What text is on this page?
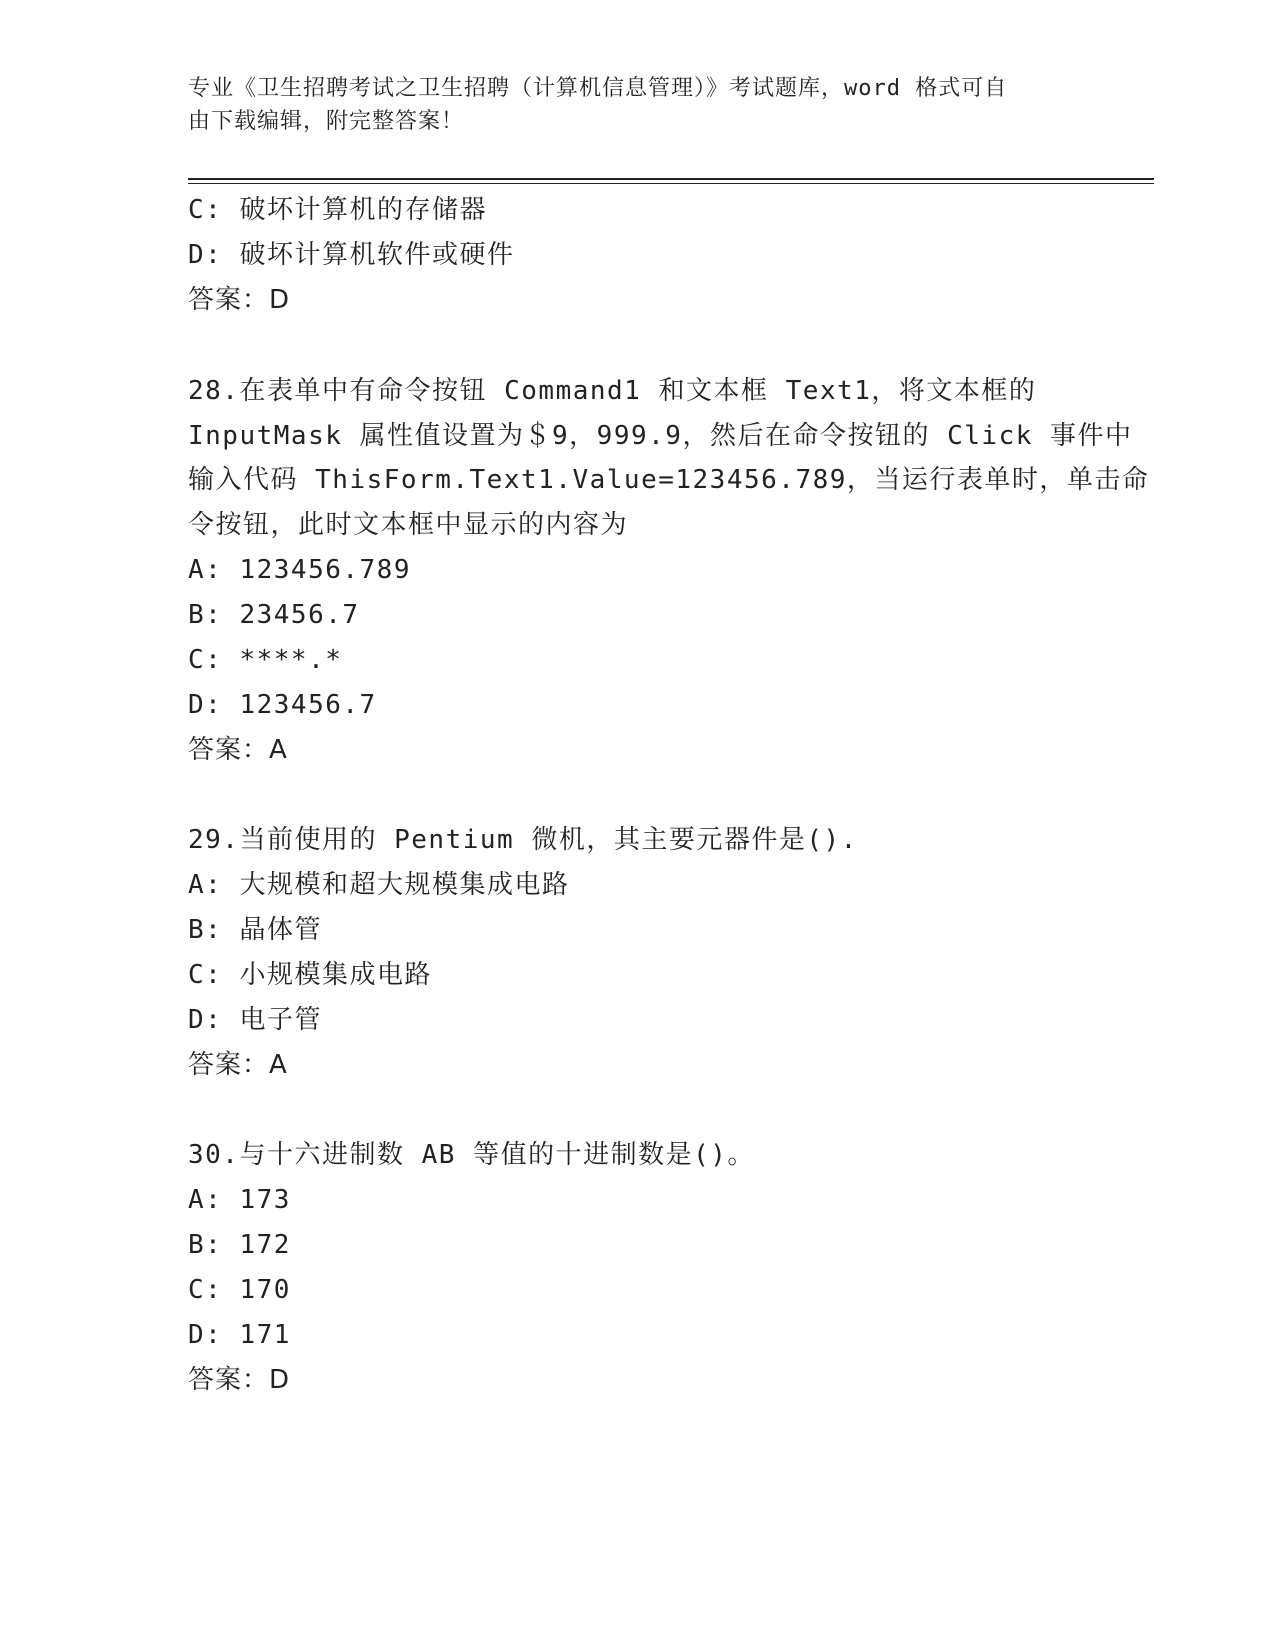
专业《卫生招聘考试之卫生招聘（计算机信息管理）》考试题库，word 格式可自
由下载编辑，附完整答案！
C: 破坏计算机的存储器
D: 破坏计算机软件或硬件
答案：D
28.在表单中有命令按钮 Command1 和文本框 Text1，将文本框的
InputMask 属性值设置为＄9，999.9，然后在命令按钮的 Click 事件中
输入代码 ThisForm.Text1.Value=123456.789，当运行表单时，单击命
令按钮，此时文本框中显示的内容为
A: 123456.789
B: 23456.7
C: ****.*
D: 123456.7
答案：A
29.当前使用的 Pentium 微机，其主要元器件是().
A: 大规模和超大规模集成电路
B: 晶体管
C: 小规模集成电路
D: 电子管
答案：A
30.与十六进制数 AB 等值的十进制数是()。
A: 173
B: 172
C: 170
D: 171
答案：D
